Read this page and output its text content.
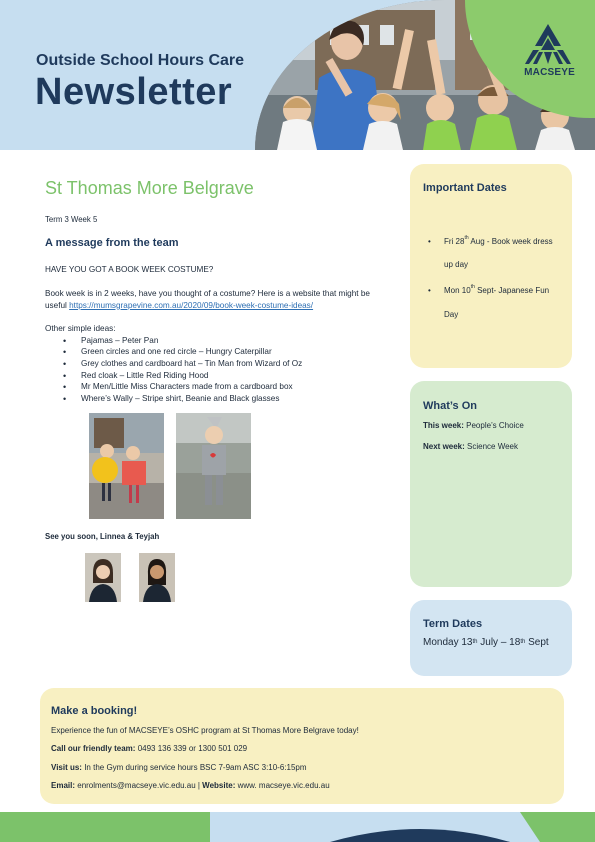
MACSEYE
Outside School Hours Care
Newsletter
St Thomas More Belgrave
Term 3 Week 5
A message from the team
HAVE YOU GOT A BOOK WEEK COSTUME?
Book week is in 2 weeks, have you thought of a costume? Here is a website that might be useful https://mumsgrapevine.com.au/2020/09/book-week-costume-ideas/
Other simple ideas:
• Pajamas – Peter Pan
• Green circles and one red circle – Hungry Caterpillar
• Grey clothes and cardboard hat – Tin Man from Wizard of Oz
• Red cloak – Little Red Riding Hood
• Mr Men/Little Miss Characters made from a cardboard box
• Where’s Wally – Stripe shirt, Beanie and Black glasses
See you soon, Linnea & Teyjah
Important Dates
• Fri 28th Aug - Book week dress up day
• Mon 10th Sept- Japanese Fun Day
What’s On
This week: People’s Choice
Next week: Science Week
Term Dates
Monday 13th July – 18th Sept
Make a booking!
Experience the fun of MACSEYE’s OSHC program at St Thomas More Belgrave today!
Call our friendly team: 0493 136 339 or 1300 501 029
Visit us: In the Gym during service hours BSC 7-9am ASC 3:10-6:15pm
Email: enrolments@macseye.vic.edu.au | Website: www. macseye.vic.edu.au
